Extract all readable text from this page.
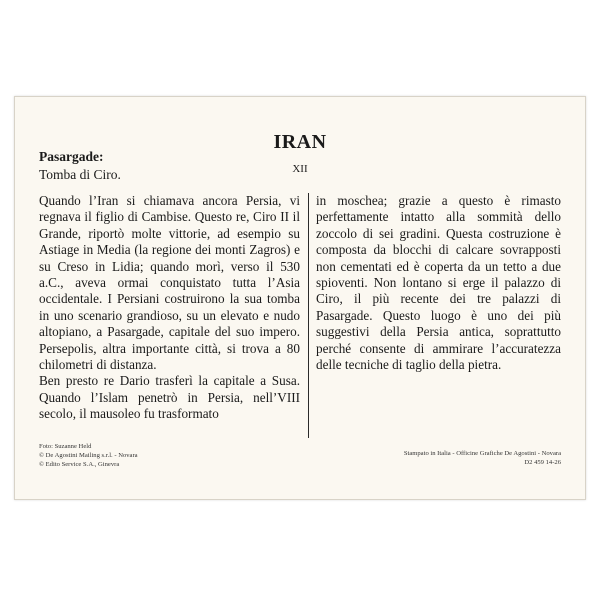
IRAN
XII
Pasargade:
Tomba di Ciro.

Quando l’Iran si chiamava ancora Persia, vi regnava il figlio di Cambise. Questo re, Ciro II il Grande, riportò molte vittorie, ad esempio su Astiage in Media (la regione dei monti Zagros) e su Creso in Lidia; quando morì, verso il 530 a.C., aveva ormai conquistato tutta l’Asia occidentale. I Persiani costruirono la sua tomba in uno scenario grandioso, su un elevato e nudo altopiano, a Pasargade, capitale del suo impero. Persepolis, altra importante città, si trova a 80 chilometri di distanza.

Ben presto re Dario trasferì la capitale a Susa. Quando l’Islam penetrò in Persia, nell’VIII secolo, il mausoleo fu trasformato

in moschea; grazie a questo è rimasto perfettamente intatto alla sommità dello zoccolo di sei gradini. Questa costruzione è composta da blocchi di calcare sovrapposti non cementati ed è coperta da un tetto a due spioventi. Non lontano si erge il palazzo di Ciro, il più recente dei tre palazzi di Pasargade. Questo luogo è uno dei più suggestivi della Persia antica, soprattutto perché consente di ammirare l’accuratezza delle tecniche di taglio della pietra.

Foto: Suzanne Held
© De Agostini Mailing s.r.l. - Novara
© Edito Service S.A., Ginevra
Stampato in Italia - Officine Grafiche De Agostini - Novara
D2 459 14-26
